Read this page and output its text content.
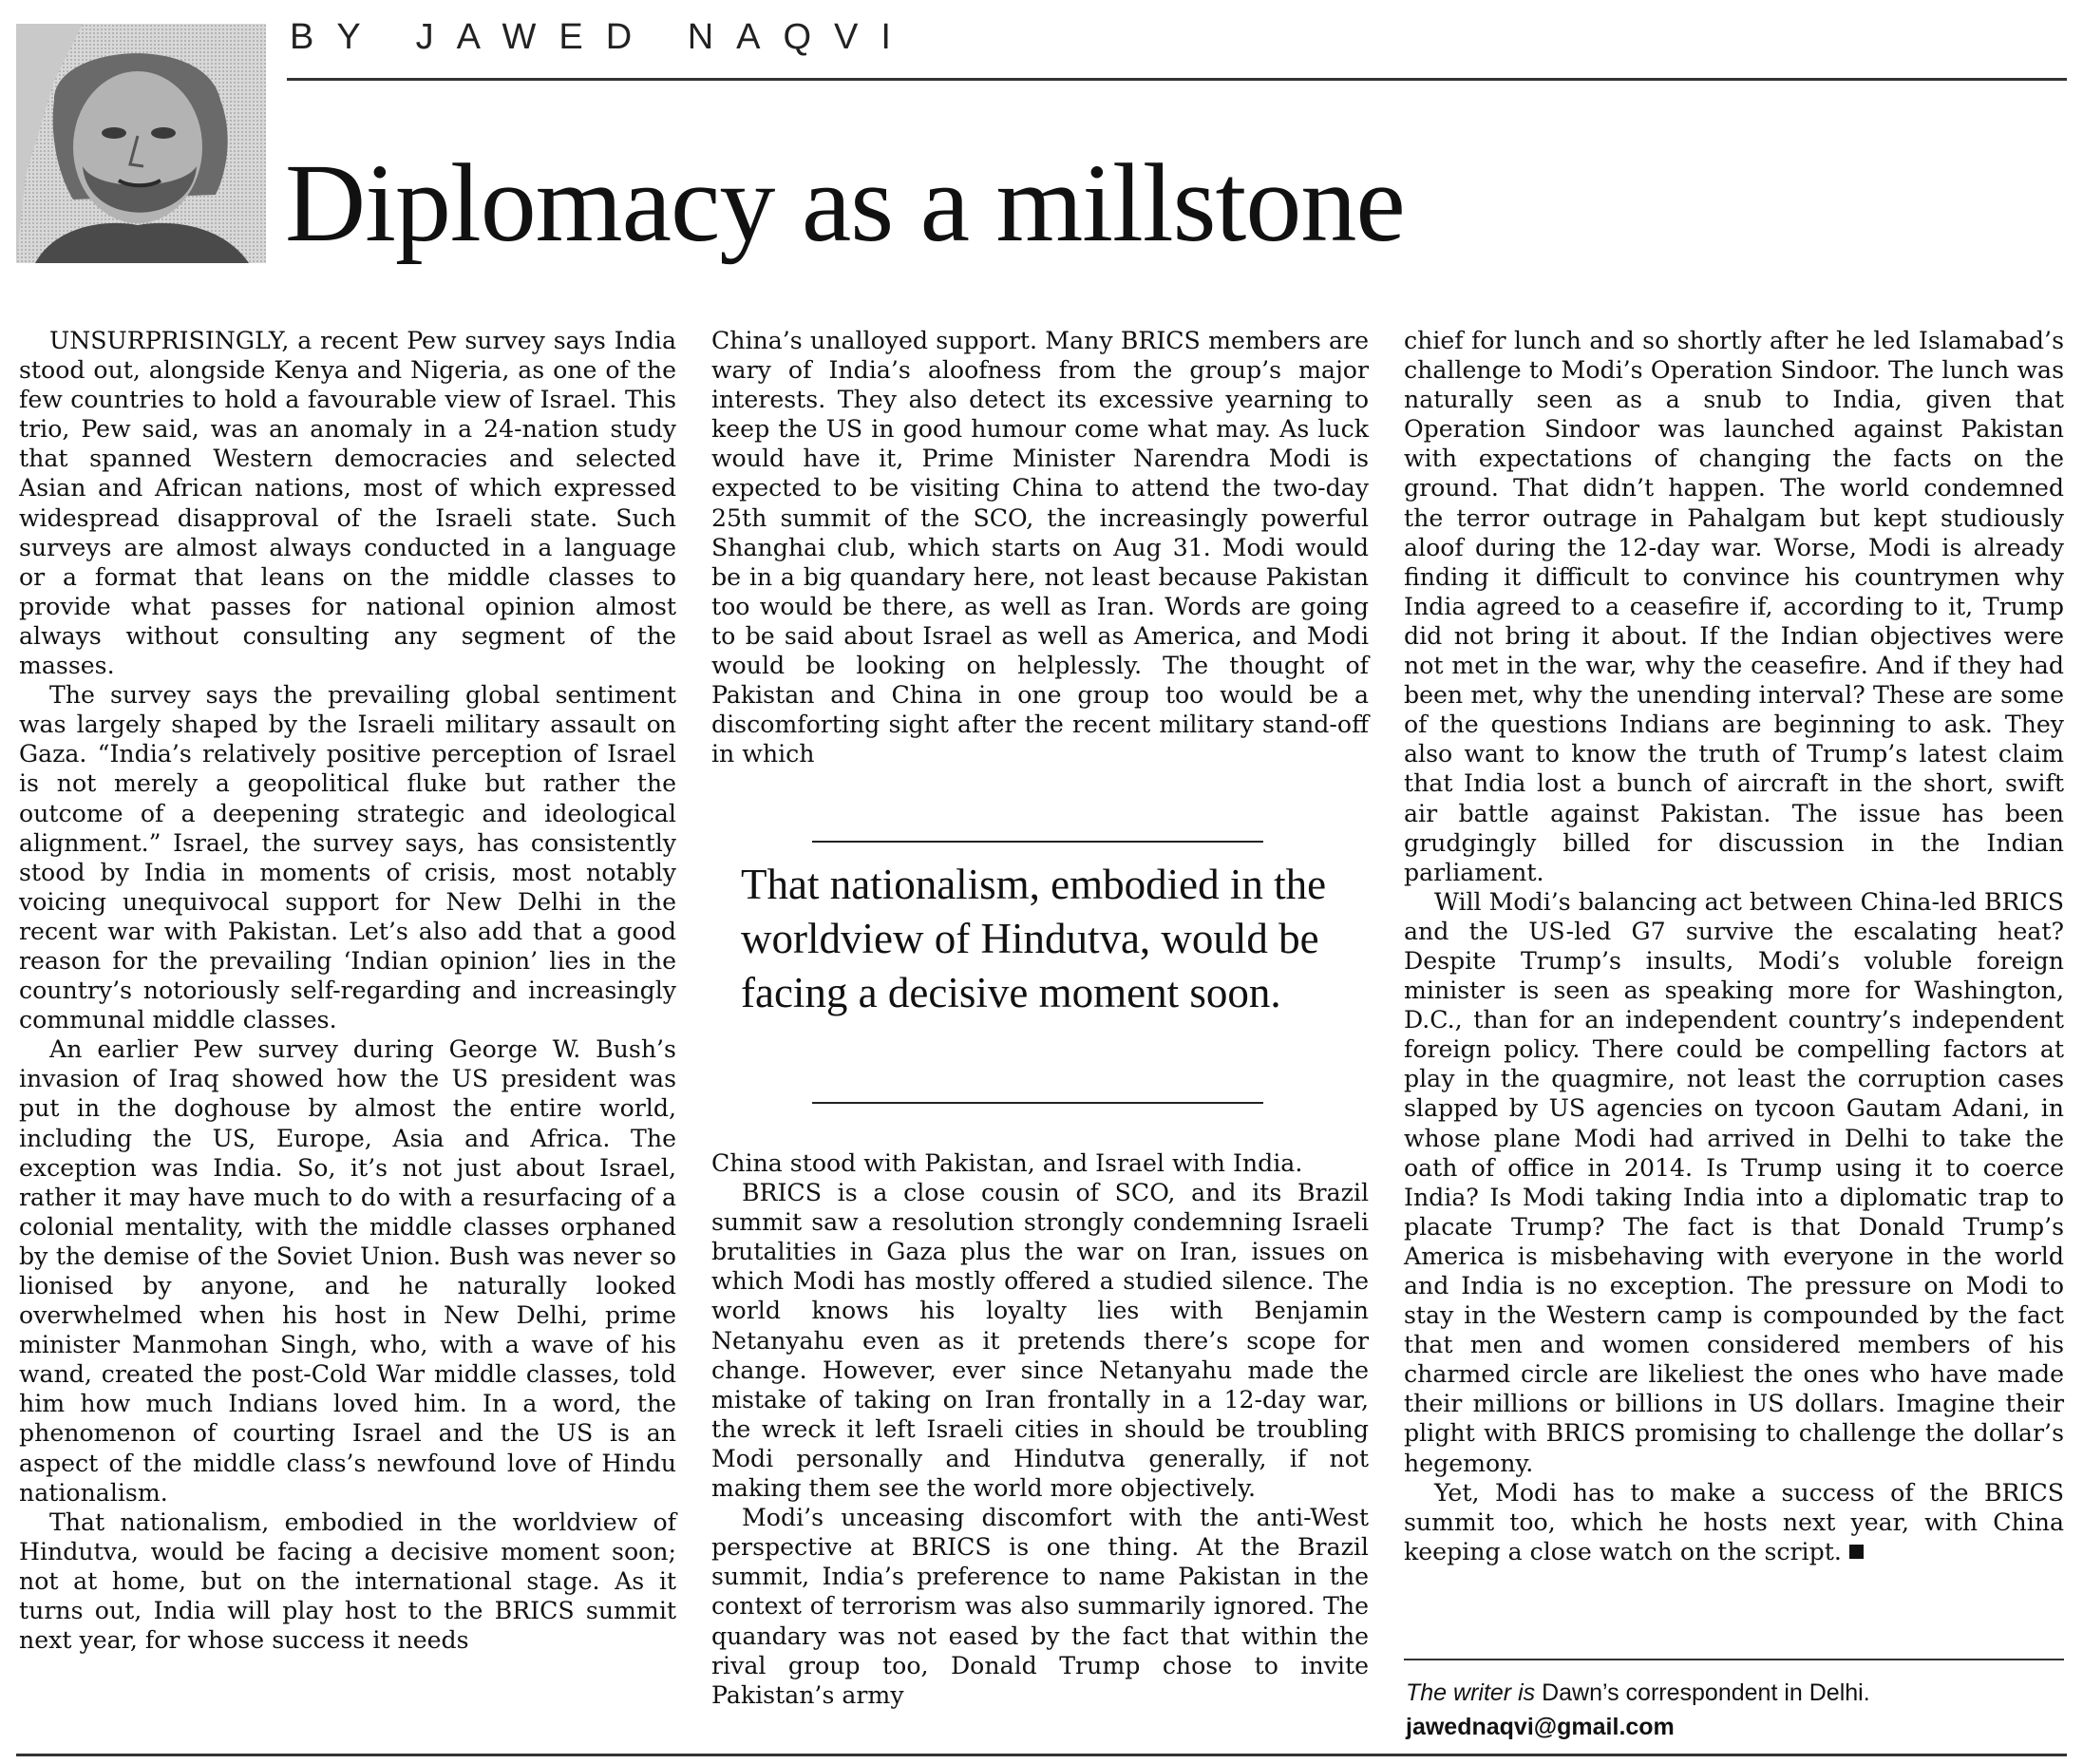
BY JAWED NAQVI
Diplomacy as a millstone

UNSURPRISINGLY, a recent Pew survey says India stood out, alongside Kenya and Nigeria, as one of the few countries to hold a favourable view of Israel. This trio, Pew said, was an anomaly in a 24-nation study that spanned Western democracies and selected Asian and African nations, most of which expressed widespread disapproval of the Israeli state. Such surveys are almost always conducted in a language or a format that leans on the middle classes to provide what passes for national opinion almost always without consulting any segment of the masses.

The survey says the prevailing global sentiment was largely shaped by the Israeli military assault on Gaza. “India’s relatively positive perception of Israel is not merely a geopolitical fluke but rather the outcome of a deepening strategic and ideological alignment.” Israel, the survey says, has consistently stood by India in moments of crisis, most notably voicing unequivocal support for New Delhi in the recent war with Pakistan. Let’s also add that a good reason for the prevailing ‘Indian opinion’ lies in the country’s notoriously self-regarding and increasingly communal middle classes.

An earlier Pew survey during George W. Bush’s invasion of Iraq showed how the US president was put in the doghouse by almost the entire world, including the US, Europe, Asia and Africa. The exception was India. So, it’s not just about Israel, rather it may have much to do with a resurfacing of a colonial mentality, with the middle classes orphaned by the demise of the Soviet Union. Bush was never so lionised by anyone, and he naturally looked overwhelmed when his host in New Delhi, prime minister Manmohan Singh, who, with a wave of his wand, created the post-Cold War middle classes, told him how much Indians loved him. In a word, the phenomenon of courting Israel and the US is an aspect of the middle class’s newfound love of Hindu nationalism.

That nationalism, embodied in the worldview of Hindutva, would be facing a decisive moment soon; not at home, but on the international stage. As it turns out, India will play host to the BRICS summit next year, for whose success it needs

China’s unalloyed support. Many BRICS members are wary of India’s aloofness from the group’s major interests. They also detect its excessive yearning to keep the US in good humour come what may. As luck would have it, Prime Minister Narendra Modi is expected to be visiting China to attend the two-day 25th summit of the SCO, the increasingly powerful Shanghai club, which starts on Aug 31. Modi would be in a big quandary here, not least because Pakistan too would be there, as well as Iran. Words are going to be said about Israel as well as America, and Modi would be looking on helplessly. The thought of Pakistan and China in one group too would be a discomforting sight after the recent military stand-off in which

That nationalism, embodied in the worldview of Hindutva, would be facing a decisive moment soon.

China stood with Pakistan, and Israel with India.

BRICS is a close cousin of SCO, and its Brazil summit saw a resolution strongly condemning Israeli brutalities in Gaza plus the war on Iran, issues on which Modi has mostly offered a studied silence. The world knows his loyalty lies with Benjamin Netanyahu even as it pretends there’s scope for change. However, ever since Netanyahu made the mistake of taking on Iran frontally in a 12-day war, the wreck it left Israeli cities in should be troubling Modi personally and Hindutva generally, if not making them see the world more objectively.

Modi’s unceasing discomfort with the anti-West perspective at BRICS is one thing. At the Brazil summit, India’s preference to name Pakistan in the context of terrorism was also summarily ignored. The quandary was not eased by the fact that within the rival group too, Donald Trump chose to invite Pakistan’s army

chief for lunch and so shortly after he led Islamabad’s challenge to Modi’s Operation Sindoor. The lunch was naturally seen as a snub to India, given that Operation Sindoor was launched against Pakistan with expectations of changing the facts on the ground. That didn’t happen. The world condemned the terror outrage in Pahalgam but kept studiously aloof during the 12-day war. Worse, Modi is already finding it difficult to convince his countrymen why India agreed to a ceasefire if, according to it, Trump did not bring it about. If the Indian objectives were not met in the war, why the ceasefire. And if they had been met, why the unending interval? These are some of the questions Indians are beginning to ask. They also want to know the truth of Trump’s latest claim that India lost a bunch of aircraft in the short, swift air battle against Pakistan. The issue has been grudgingly billed for discussion in the Indian parliament.

Will Modi’s balancing act between China-led BRICS and the US-led G7 survive the escalating heat? Despite Trump’s insults, Modi’s voluble foreign minister is seen as speaking more for Washington, D.C., than for an independent country’s independent foreign policy. There could be compelling factors at play in the quagmire, not least the corruption cases slapped by US agencies on tycoon Gautam Adani, in whose plane Modi had arrived in Delhi to take the oath of office in 2014. Is Trump using it to coerce India? Is Modi taking India into a diplomatic trap to placate Trump? The fact is that Donald Trump’s America is misbehaving with everyone in the world and India is no exception. The pressure on Modi to stay in the Western camp is compounded by the fact that men and women considered members of his charmed circle are likeliest the ones who have made their millions or billions in US dollars. Imagine their plight with BRICS promising to challenge the dollar’s hegemony.

Yet, Modi has to make a success of the BRICS summit too, which he hosts next year, with China keeping a close watch on the script.

The writer is Dawn’s correspondent in Delhi.
jawednaqvi@gmail.com
